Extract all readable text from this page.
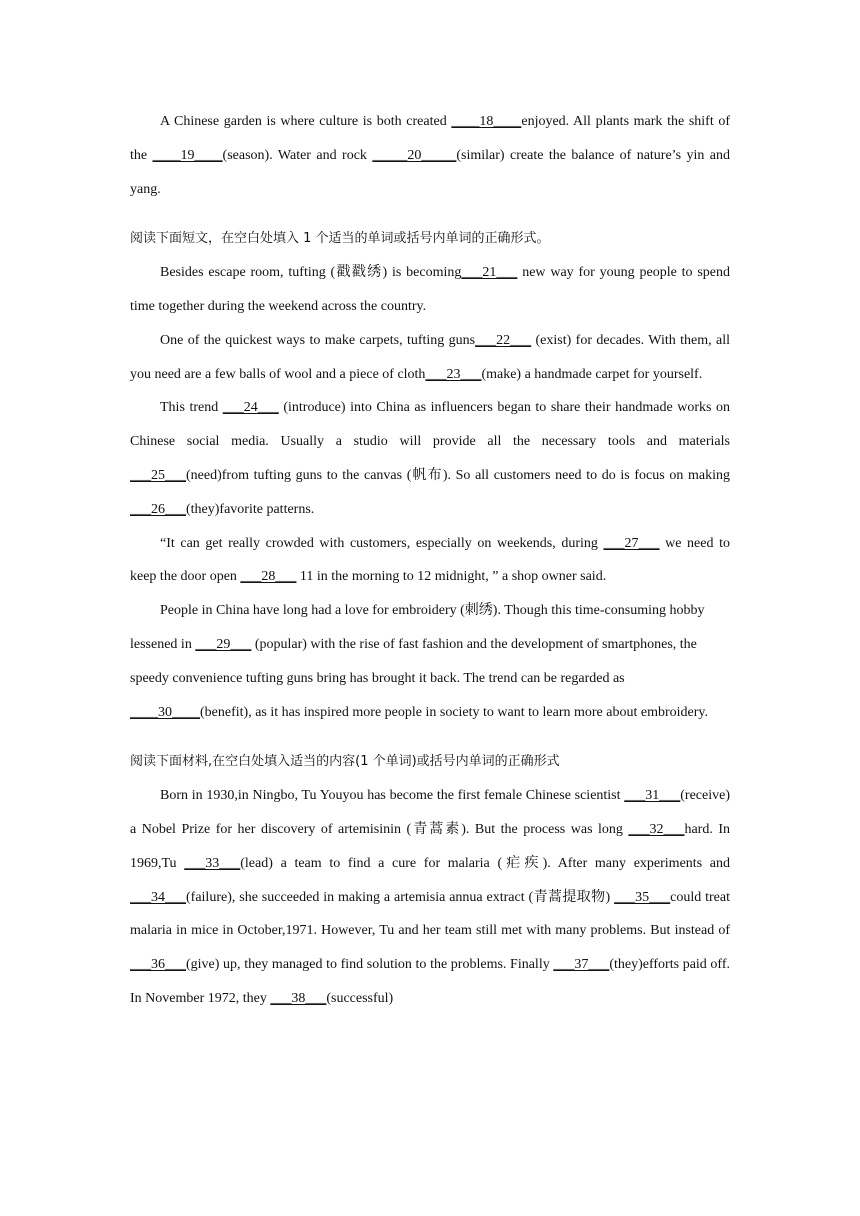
A Chinese garden is where culture is both created ____18____enjoyed. All plants mark the shift of the ____19____(season). Water and rock _____20_____(similar) create the balance of nature’s yin and yang.

阅读下面短文，在空白处填入 1 个适当的单词或括号内单词的正确形式。

Besides escape room, tufting (戳戳绣) is becoming___21___ new way for young people to spend time together during the weekend across the country.

One of the quickest ways to make carpets, tufting guns___22___ (exist) for decades. With them, all you need are a few balls of wool and a piece of cloth___23___(make) a handmade carpet for yourself.

This trend ___24___ (introduce) into China as influencers began to share their handmade works on Chinese social media. Usually a studio will provide all the necessary tools and materials ___25___(need)from tufting guns to the canvas (帆布). So all customers need to do is focus on making ___26___(they)favorite patterns.

“It can get really crowded with customers, especially on weekends, during ___27___ we need to keep the door open ___28___ 11 in the morning to 12 midnight, ” a shop owner said.

People in China have long had a love for embroidery (刺绣). Though this time-consuming hobby lessened in ___29___ (popular) with the rise of fast fashion and the development of smartphones, the speedy convenience tufting guns bring has brought it back. The trend can be regarded as ____30____(benefit), as it has inspired more people in society to want to learn more about embroidery.

阅读下面材料,在空白处填入适当的内容(1 个单词)或括号内单词的正确形式

Born in 1930,in Ningbo, Tu Youyou has become the first female Chinese scientist ___31___(receive) a Nobel Prize for her discovery of artemisinin (青蒿素). But the process was long ___32___hard. In 1969,Tu ___33___(lead) a team to find a cure for malaria (疟疾). After many experiments and ___34___(failure), she succeeded in making a artemisia annua extract (青蒿提取物) ___35___could treat malaria in mice in October,1971. However, Tu and her team still met with many problems. But instead of ___36___(give) up, they managed to find solution to the problems. Finally ___37___(they)efforts paid off. In November 1972, they ___38___(successful)
